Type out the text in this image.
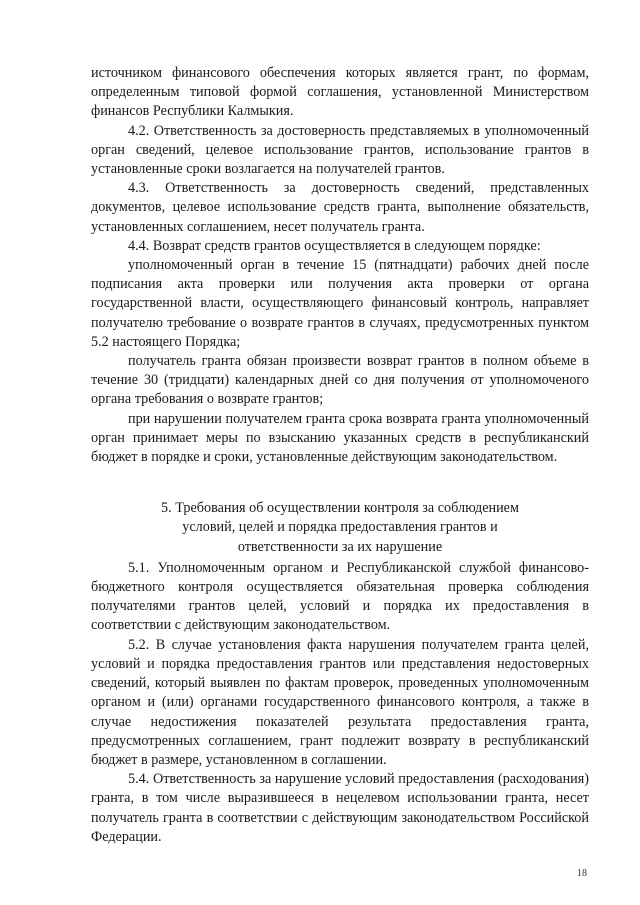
источником финансового обеспечения которых является грант, по формам, определенным типовой формой соглашения, установленной Министерством финансов Республики Калмыкия.

4.2. Ответственность за достоверность представляемых в уполномоченный орган сведений, целевое использование грантов, использование грантов в установленные сроки возлагается на получателей грантов.

4.3. Ответственность за достоверность сведений, представленных документов, целевое использование средств гранта, выполнение обязательств, установленных соглашением, несет получатель гранта.

4.4. Возврат средств грантов осуществляется в следующем порядке:

уполномоченный орган в течение 15 (пятнадцати) рабочих дней после подписания акта проверки или получения акта проверки от органа государственной власти, осуществляющего финансовый контроль, направляет получателю требование о возврате грантов в случаях, предусмотренных пунктом 5.2 настоящего Порядка;

получатель гранта обязан произвести возврат грантов в полном объеме в течение 30 (тридцати) календарных дней со дня получения от уполномоченого органа требования о возврате грантов;

при нарушении получателем гранта срока возврата гранта уполномоченный орган принимает меры по взысканию указанных средств в республиканский бюджет в порядке и сроки, установленные действующим законодательством.

5. Требования об осуществлении контроля за соблюдением
условий, целей и порядка предоставления грантов и
ответственности за их нарушение

5.1. Уполномоченным органом и Республиканской службой финансово-бюджетного контроля осуществляется обязательная проверка соблюдения получателями грантов целей, условий и порядка их предоставления в соответствии с действующим законодательством.

5.2. В случае установления факта нарушения получателем гранта целей, условий и порядка предоставления грантов или представления недостоверных сведений, который выявлен по фактам проверок, проведенных уполномоченным органом и (или) органами государственного финансового контроля, а также в случае недостижения показателей результата предоставления гранта, предусмотренных соглашением, грант подлежит возврату в республиканский бюджет в размере, установленном в соглашении.

5.4. Ответственность за нарушение условий предоставления (расходования) гранта, в том числе выразившееся в нецелевом использовании гранта, несет получатель гранта в соответствии с действующим законодательством Российской Федерации.

18
